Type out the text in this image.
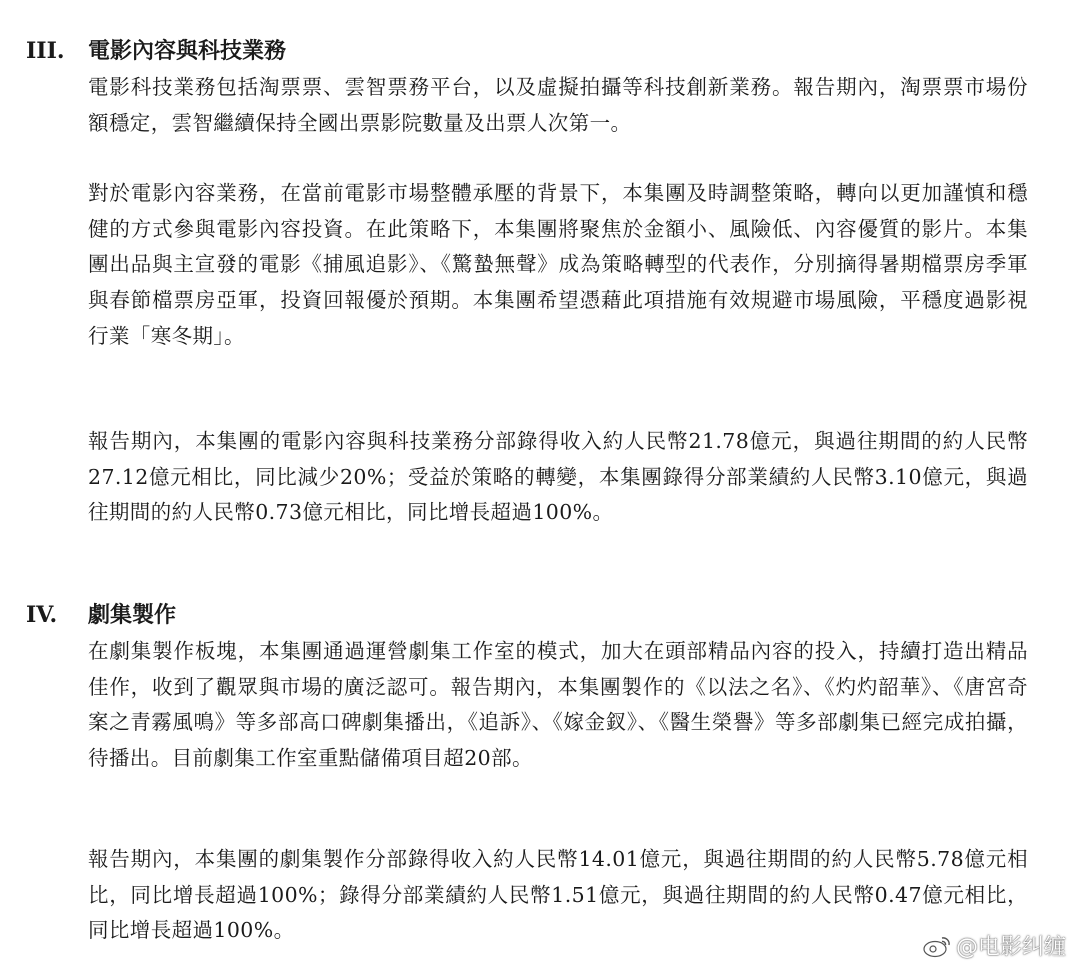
III. 電影內容與科技業務

電影科技業務包括淘票票、雲智票務平台，以及虛擬拍攝等科技創新業務。報告期內，淘票票市場份額穩定，雲智繼續保持全國出票影院數量及出票人次第一。

對於電影內容業務，在當前電影市場整體承壓的背景下，本集團及時調整策略，轉向以更加謹慎和穩健的方式參與電影內容投資。在此策略下，本集團將聚焦於金額小、風險低、內容優質的影片。本集團出品與主宣發的電影《捕風追影》、《驚蟄無聲》成為策略轉型的代表作，分別摘得暑期檔票房季軍與春節檔票房亞軍，投資回報優於預期。本集團希望憑藉此項措施有效規避市場風險，平穩度過影視行業「寒冬期」。

報告期內，本集團的電影內容與科技業務分部錄得收入約人民幣21.78億元，與過往期間的約人民幣27.12億元相比，同比減少20%；受益於策略的轉變，本集團錄得分部業績約人民幣3.10億元，與過往期間的約人民幣0.73億元相比，同比增長超過100%。

IV. 劇集製作

在劇集製作板塊，本集團通過運營劇集工作室的模式，加大在頭部精品內容的投入，持續打造出精品佳作，收到了觀眾與市場的廣泛認可。報告期內，本集團製作的《以法之名》、《灼灼韶華》、《唐宮奇案之青霧風鳴》等多部高口碑劇集播出，《追訴》、《嫁金釵》、《醫生榮譽》等多部劇集已經完成拍攝，待播出。目前劇集工作室重點儲備項目超20部。

報告期內，本集團的劇集製作分部錄得收入約人民幣14.01億元，與過往期間的約人民幣5.78億元相比，同比增長超過100%；錄得分部業績約人民幣1.51億元，與過往期間的約人民幣0.47億元相比，同比增長超過100%。

@电影纠缠
